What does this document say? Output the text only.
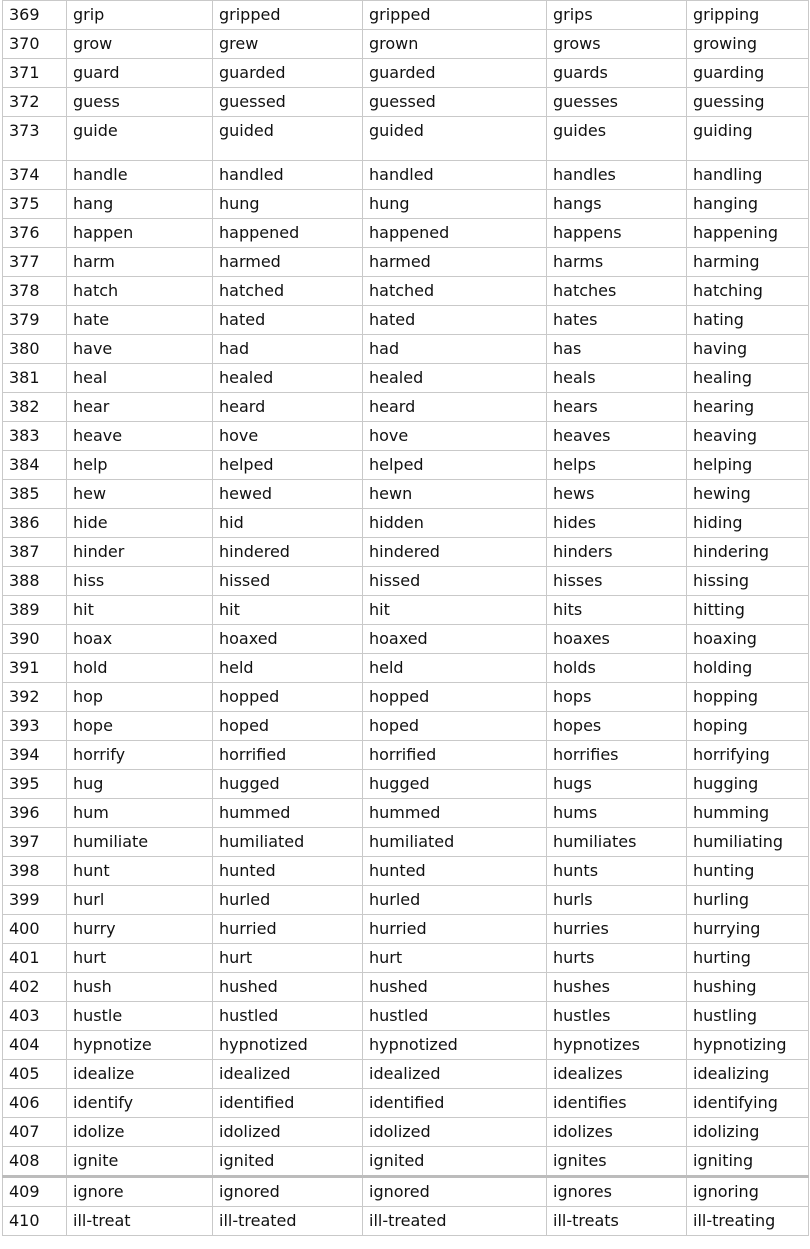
369	grip	gripped	gripped	grips	gripping
370	grow	grew	grown	grows	growing
371	guard	guarded	guarded	guards	guarding
372	guess	guessed	guessed	guesses	guessing
373	guide	guided	guided	guides	guiding
374	handle	handled	handled	handles	handling
375	hang	hung	hung	hangs	hanging
376	happen	happened	happened	happens	happening
377	harm	harmed	harmed	harms	harming
378	hatch	hatched	hatched	hatches	hatching
379	hate	hated	hated	hates	hating
380	have	had	had	has	having
381	heal	healed	healed	heals	healing
382	hear	heard	heard	hears	hearing
383	heave	hove	hove	heaves	heaving
384	help	helped	helped	helps	helping
385	hew	hewed	hewn	hews	hewing
386	hide	hid	hidden	hides	hiding
387	hinder	hindered	hindered	hinders	hindering
388	hiss	hissed	hissed	hisses	hissing
389	hit	hit	hit	hits	hitting
390	hoax	hoaxed	hoaxed	hoaxes	hoaxing
391	hold	held	held	holds	holding
392	hop	hopped	hopped	hops	hopping
393	hope	hoped	hoped	hopes	hoping
394	horrify	horrified	horrified	horrifies	horrifying
395	hug	hugged	hugged	hugs	hugging
396	hum	hummed	hummed	hums	humming
397	humiliate	humiliated	humiliated	humiliates	humiliating
398	hunt	hunted	hunted	hunts	hunting
399	hurl	hurled	hurled	hurls	hurling
400	hurry	hurried	hurried	hurries	hurrying
401	hurt	hurt	hurt	hurts	hurting
402	hush	hushed	hushed	hushes	hushing
403	hustle	hustled	hustled	hustles	hustling
404	hypnotize	hypnotized	hypnotized	hypnotizes	hypnotizing
405	idealize	idealized	idealized	idealizes	idealizing
406	identify	identified	identified	identifies	identifying
407	idolize	idolized	idolized	idolizes	idolizing
408	ignite	ignited	ignited	ignites	igniting
409	ignore	ignored	ignored	ignores	ignoring
410	ill-treat	ill-treated	ill-treated	ill-treats	ill-treating
